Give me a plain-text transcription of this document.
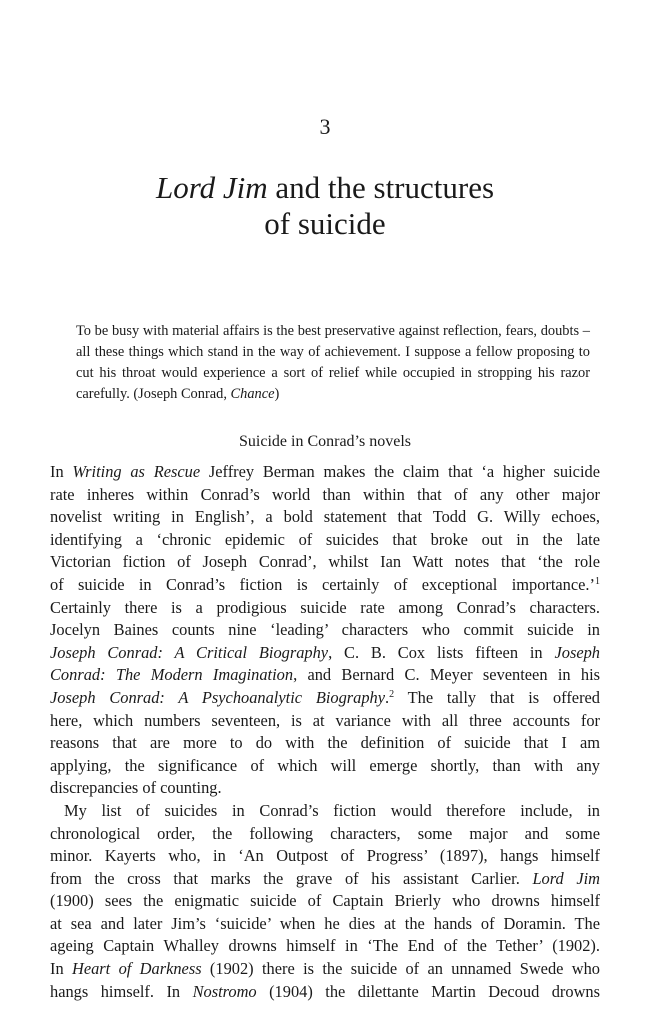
3
Lord Jim and the structures
of suicide
To be busy with material affairs is the best preservative against reflection, fears, doubts – all these things which stand in the way of achievement. I suppose a fellow proposing to cut his throat would experience a sort of relief while occupied in stropping his razor carefully. (Joseph Conrad, Chance)
Suicide in Conrad’s novels
In Writing as Rescue Jeffrey Berman makes the claim that ‘a higher suicide
rate inheres within Conrad’s world than within that of any other major
novelist writing in English’, a bold statement that Todd G. Willy echoes,
identifying a ‘chronic epidemic of suicides that broke out in the late
Victorian fiction of Joseph Conrad’, whilst Ian Watt notes that ‘the role
of suicide in Conrad’s fiction is certainly of exceptional importance.’$^1$
Certainly there is a prodigious suicide rate among Conrad’s characters.
Jocelyn Baines counts nine ‘leading’ characters who commit suicide in
Joseph Conrad: A Critical Biography, C. B. Cox lists fifteen in Joseph
Conrad: The Modern Imagination, and Bernard C. Meyer seventeen in his
Joseph Conrad: A Psychoanalytic Biography.$^2$ The tally that is offered
here, which numbers seventeen, is at variance with all three accounts for
reasons that are more to do with the definition of suicide that I am
applying, the significance of which will emerge shortly, than with any
discrepancies of counting.
My list of suicides in Conrad’s fiction would therefore include, in
chronological order, the following characters, some major and some
minor. Kayerts who, in ‘An Outpost of Progress’ (1897), hangs himself
from the cross that marks the grave of his assistant Carlier. Lord Jim
(1900) sees the enigmatic suicide of Captain Brierly who drowns himself
at sea and later Jim’s ‘suicide’ when he dies at the hands of Doramin. The
ageing Captain Whalley drowns himself in ‘The End of the Tether’ (1902).
In Heart of Darkness (1902) there is the suicide of an unnamed Swede who
hangs himself. In Nostromo (1904) the dilettante Martin Decoud drowns
